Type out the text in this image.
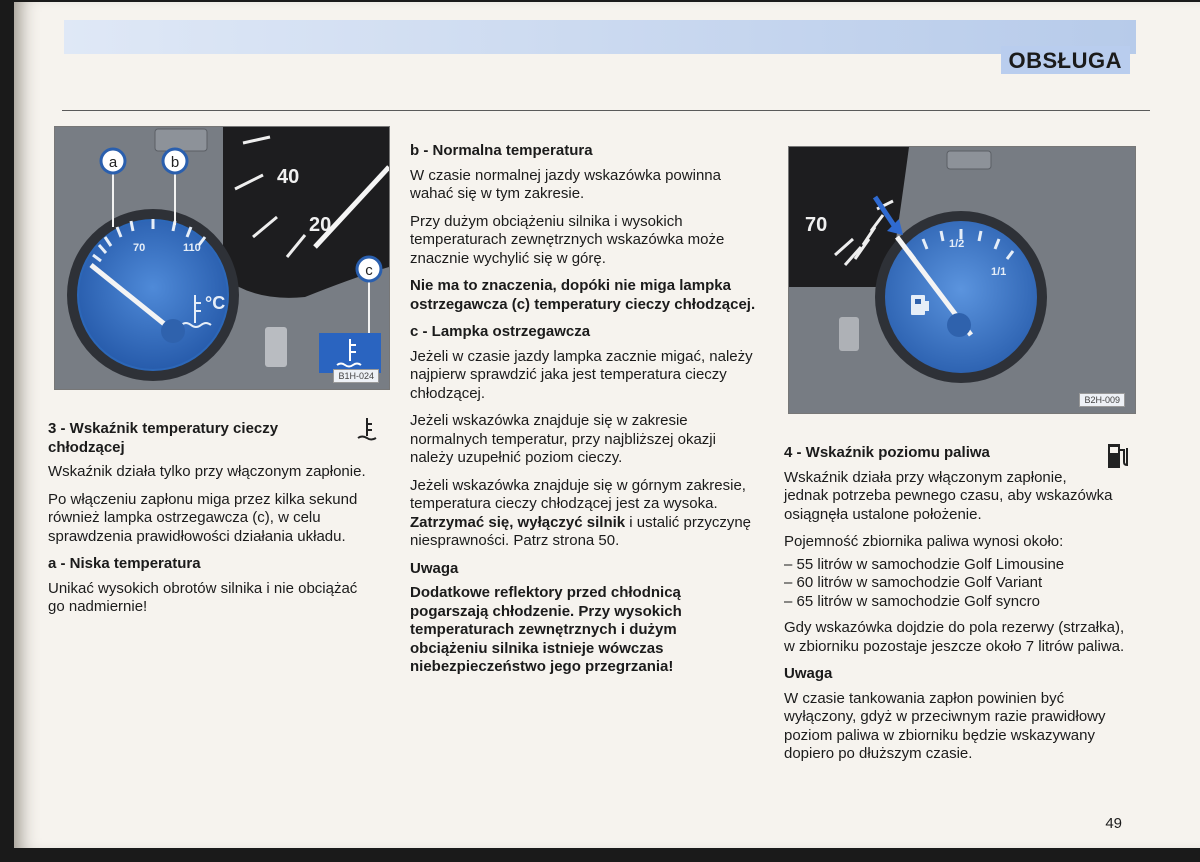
OBSŁUGA
40
20
70	110
°C
a	b
c
B1H-024
70
1/2
1/1
B2H-009
3 - Wskaźnik temperatury cieczy chłodzącej

Wskaźnik działa tylko przy włączonym zapłonie.

Po włączeniu zapłonu miga przez kilka sekund również lampka ostrzegawcza (c), w celu sprawdzenia prawidłowości działania układu.

a - Niska temperatura

Unikać wysokich obrotów silnika i nie obciążać go nadmiernie!

b - Normalna temperatura

W czasie normalnej jazdy wskazówka powinna wahać się w tym zakresie.

Przy dużym obciążeniu silnika i wysokich temperaturach zewnętrznych wskazówka może znacznie wychylić się w górę.

Nie ma to znaczenia, dopóki nie miga lampka ostrzegawcza (c) temperatury cieczy chłodzącej.

c - Lampka ostrzegawcza

Jeżeli w czasie jazdy lampka zacznie migać, należy najpierw sprawdzić jaka jest temperatura cieczy chłodzącej.

Jeżeli wskazówka znajduje się w zakresie normalnych temperatur, przy najbliższej okazji należy uzupełnić poziom cieczy.

Jeżeli wskazówka znajduje się w górnym zakresie, temperatura cieczy chłodzącej jest za wysoka. Zatrzymać się, wyłączyć silnik i ustalić przyczynę niesprawności. Patrz strona 50.

Uwaga

Dodatkowe reflektory przed chłodnicą pogarszają chłodzenie. Przy wysokich temperaturach zewnętrznych i dużym obciążeniu silnika istnieje wówczas niebezpieczeństwo jego przegrzania!

4 - Wskaźnik poziomu paliwa

Wskaźnik działa przy włączonym zapłonie, jednak potrzeba pewnego czasu, aby wskazówka osiągnęła ustalone położenie.

Pojemność zbiornika paliwa wynosi około:

– 55 litrów w samochodzie Golf Limousine
– 60 litrów w samochodzie Golf Variant
– 65 litrów w samochodzie Golf syncro

Gdy wskazówka dojdzie do pola rezerwy (strzałka), w zbiorniku pozostaje jeszcze około 7 litrów paliwa.

Uwaga

W czasie tankowania zapłon powinien być wyłączony, gdyż w przeciwnym razie prawidłowy poziom paliwa w zbiorniku będzie wskazywany dopiero po dłuższym czasie.

49
